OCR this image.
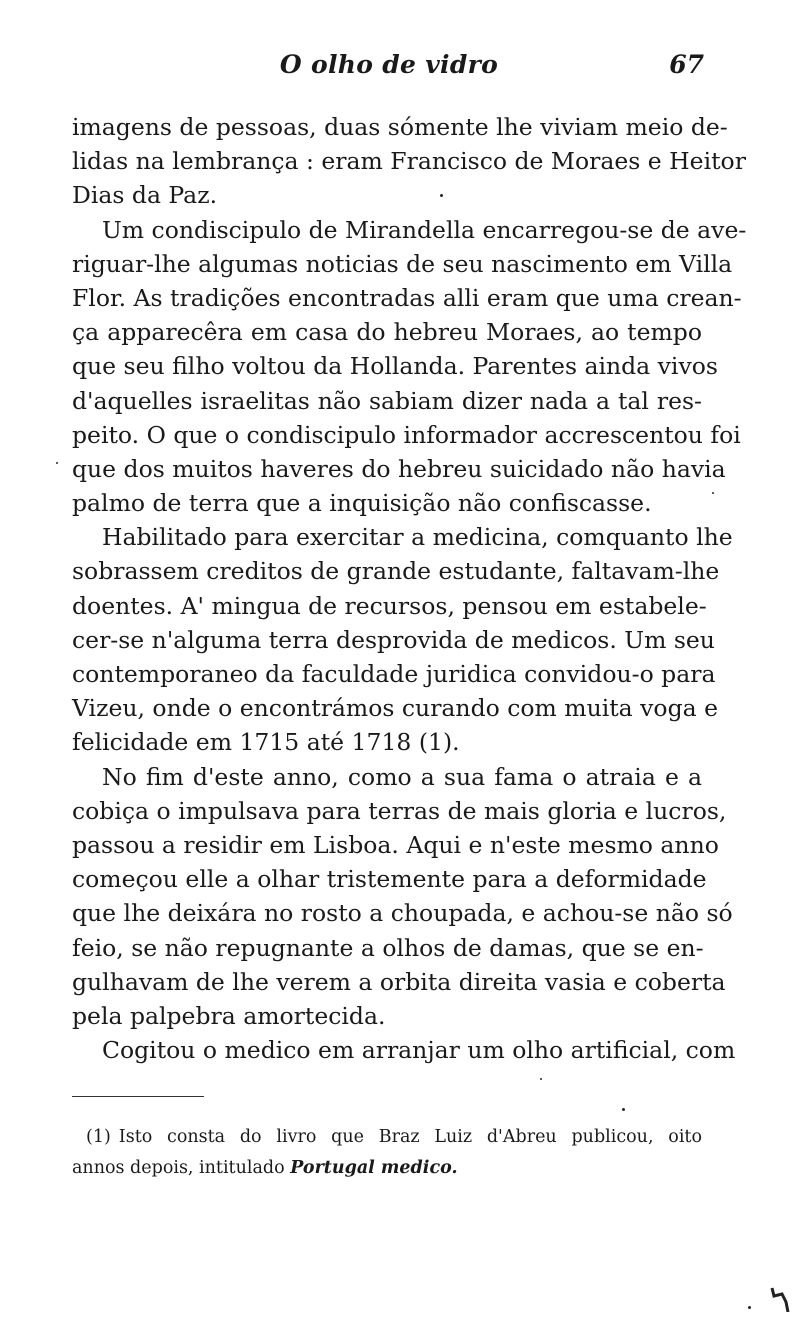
O olho de vidro	67
imagens de pessoas, duas sómente lhe viviam meio de-
lidas na lembrança : eram Francisco de Moraes e Heitor
Dias da Paz.
Um condiscipulo de Mirandella encarregou-se de ave-
riguar-lhe algumas noticias de seu nascimento em Villa
Flor. As tradições encontradas alli eram que uma crean-
ça apparecêra em casa do hebreu Moraes, ao tempo
que seu filho voltou da Hollanda. Parentes ainda vivos
d'aquelles israelitas não sabiam dizer nada a tal res-
peito. O que o condiscipulo informador accrescentou foi
que dos muitos haveres do hebreu suicidado não havia
palmo de terra que a inquisição não confiscasse.
Habilitado para exercitar a medicina, comquanto lhe
sobrassem creditos de grande estudante, faltavam-lhe
doentes. A' mingua de recursos, pensou em estabele-
cer-se n'alguma terra desprovida de medicos. Um seu
contemporaneo da faculdade juridica convidou-o para
Vizeu, onde o encontrámos curando com muita voga e
felicidade em 1715 até 1718 (1).
No fim d'este anno, como a sua fama o atraia e a
cobiça o impulsava para terras de mais gloria e lucros,
passou a residir em Lisboa. Aqui e n'este mesmo anno
começou elle a olhar tristemente para a deformidade
que lhe deixára no rosto a choupada, e achou-se não só
feio, se não repugnante a olhos de damas, que se en-
gulhavam de lhe verem a orbita direita vasia e coberta
pela palpebra amortecida.
Cogitou o medico em arranjar um olho artificial, com
(1) Isto consta do livro que Braz Luiz d'Abreu publicou, oito
annos depois, intitulado Portugal medico.
